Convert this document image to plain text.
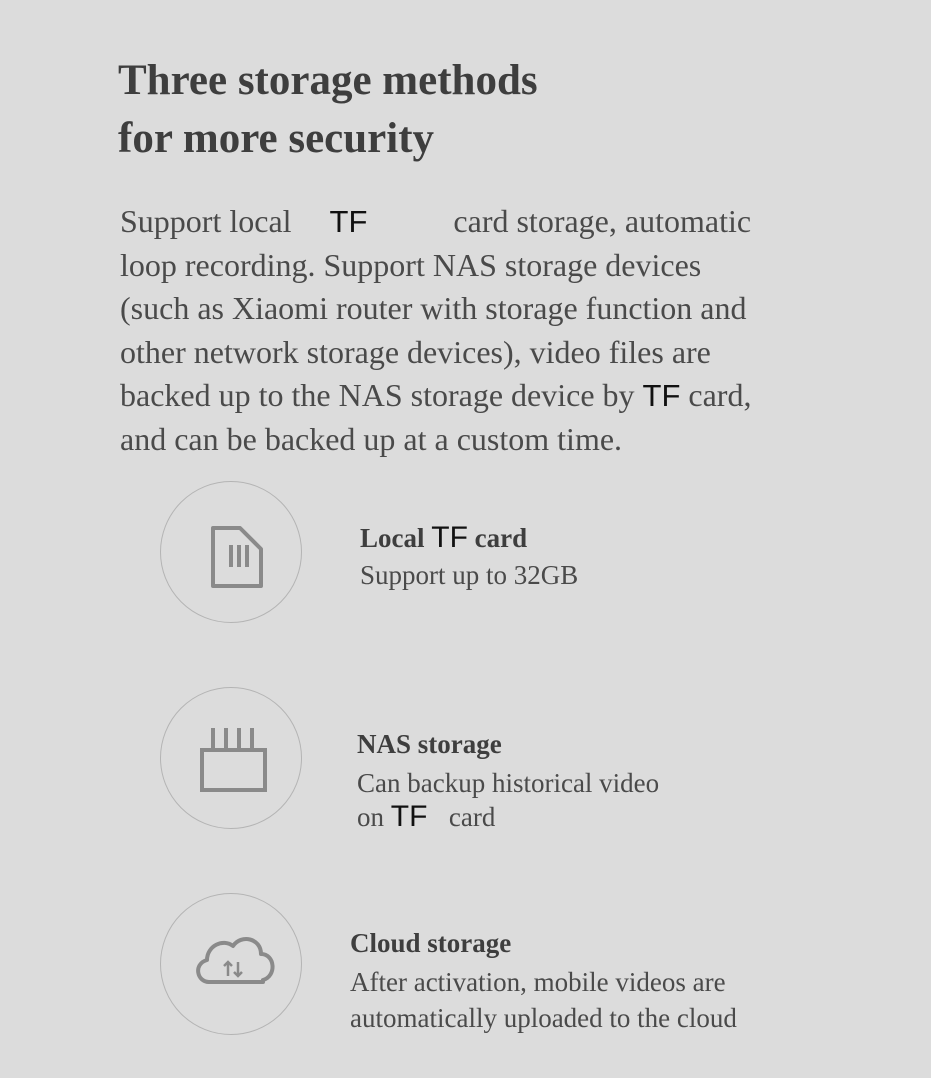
Three storage methods
for more security
Support local TF	card storage, automatic
loop recording. Support NAS storage devices
(such as Xiaomi router with storage function and
other network storage devices), video files are
backed up to the NAS storage device by TF card,
and can be backed up at a custom time.
Local TF card
Support up to 32GB
NAS storage
Can backup historical video
on TF card
Cloud storage
After activation, mobile videos are
automatically uploaded to the cloud
